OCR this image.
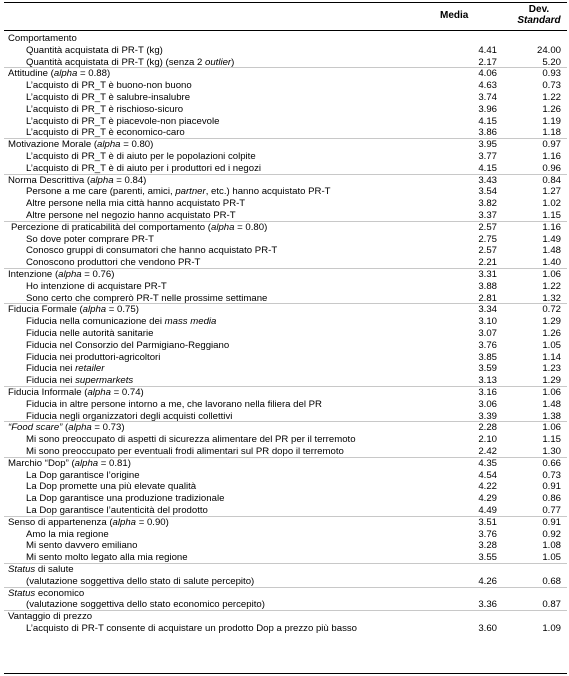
Media
Dev.
Standard
Comportamento
Quantità acquistata di PR-T (kg)	4.41	24.00
Quantità acquistata di PR-T (kg) (senza 2 outlier)	2.17	5.20
Attitudine (alpha = 0.88)	4.06	0.93
L’acquisto di PR_T è buono-non buono	4.63	0.73
L’acquisto di PR_T è salubre-insalubre	3.74	1.22
L’acquisto di PR_T è rischioso-sicuro	3.96	1.26
L’acquisto di PR_T è piacevole-non piacevole	4.15	1.19
L’acquisto di PR_T è economico-caro	3.86	1.18
Motivazione Morale (alpha = 0.80)	3.95	0.97
L’acquisto di PR_T è di aiuto per le popolazioni colpite	3.77	1.16
L’acquisto di PR_T è di aiuto per i produttori ed i negozi	4.15	0.96
Norma Descrittiva (alpha = 0.84)	3.43	0.84
Persone a me care (parenti, amici, partner, etc.) hanno acquistato PR-T	3.54	1.27
Altre persone nella mia città hanno acquistato PR-T	3.82	1.02
Altre persone nel negozio hanno acquistato PR-T	3.37	1.15
Percezione di praticabilità del comportamento (alpha = 0.80)	2.57	1.16
So dove poter comprare PR-T	2.75	1.49
Conosco gruppi di consumatori che hanno acquistato PR-T	2.57	1.48
Conoscono produttori che vendono PR-T	2.21	1.40
Intenzione (alpha = 0.76)	3.31	1.06
Ho intenzione di acquistare PR-T	3.88	1.22
Sono certo che comprerò PR-T nelle prossime settimane	2.81	1.32
Fiducia Formale (alpha = 0.75)	3.34	0.72
Fiducia nella comunicazione dei mass media	3.10	1.29
Fiducia nelle autorità sanitarie	3.07	1.26
Fiducia nel Consorzio del Parmigiano-Reggiano	3.76	1.05
Fiducia nei produttori-agricoltori	3.85	1.14
Fiducia nei retailer	3.59	1.23
Fiducia nei supermarkets	3.13	1.29
Fiducia Informale (alpha = 0.74)	3.16	1.06
Fiducia in altre persone intorno a me, che lavorano nella filiera del PR	3.06	1.48
Fiducia negli organizzatori degli acquisti collettivi	3.39	1.38
“Food scare” (alpha = 0.73)	2.28	1.06
Mi sono preoccupato di aspetti di sicurezza alimentare del PR per il terremoto	2.10	1.15
Mi sono preoccupato per eventuali frodi alimentari sul PR dopo il terremoto	2.42	1.30
Marchio “Dop” (alpha = 0.81)	4.35	0.66
La Dop garantisce l’origine	4.54	0.73
La Dop promette una più elevate qualità	4.22	0.91
La Dop garantisce una produzione tradizionale	4.29	0.86
La Dop garantisce l’autenticità del prodotto	4.49	0.77
Senso di appartenenza (alpha = 0.90)	3.51	0.91
Amo la mia regione	3.76	0.92
Mi sento davvero emiliano	3.28	1.08
Mi sento molto legato alla mia regione	3.55	1.05
Status di salute
(valutazione soggettiva dello stato di salute percepito)	4.26	0.68
Status economico
(valutazione soggettiva dello stato economico percepito)	3.36	0.87
Vantaggio di prezzo
L’acquisto di PR-T consente di acquistare un prodotto Dop a prezzo più basso	3.60	1.09
